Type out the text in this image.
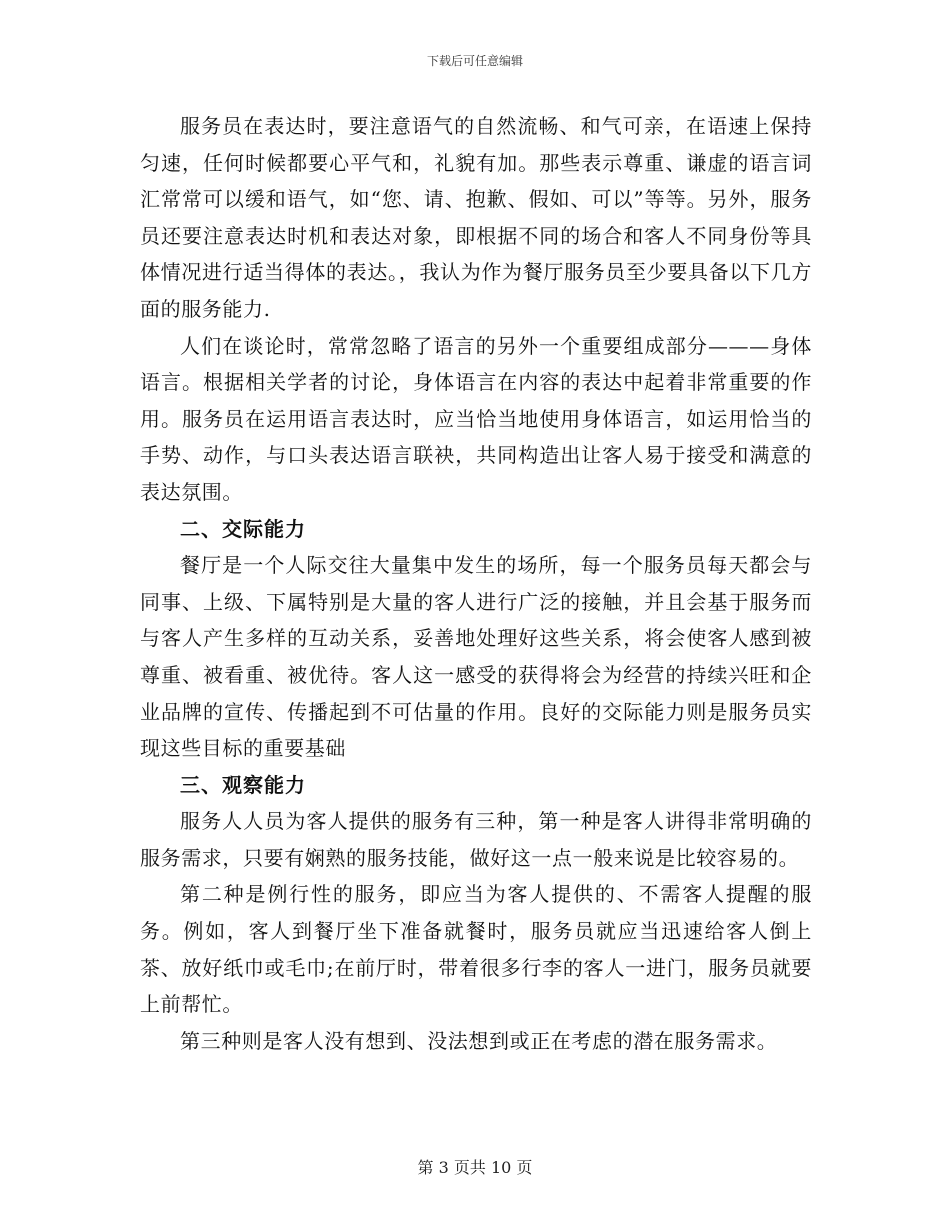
下载后可任意编辑

服务员在表达时，要注意语气的自然流畅、和气可亲，在语速上保持匀速，任何时候都要心平气和，礼貌有加。那些表示尊重、谦虚的语言词汇常常可以缓和语气，如“您、请、抱歉、假如、可以”等等。另外，服务员还要注意表达时机和表达对象，即根据不同的场合和客人不同身份等具体情况进行适当得体的表达。，我认为作为餐厅服务员至少要具备以下几方面的服务能力.

人们在谈论时，常常忽略了语言的另外一个重要组成部分———身体语言。根据相关学者的讨论，身体语言在内容的表达中起着非常重要的作用。服务员在运用语言表达时，应当恰当地使用身体语言，如运用恰当的手势、动作，与口头表达语言联袂，共同构造出让客人易于接受和满意的表达氛围。

二、交际能力

餐厅是一个人际交往大量集中发生的场所，每一个服务员每天都会与同事、上级、下属特别是大量的客人进行广泛的接触，并且会基于服务而与客人产生多样的互动关系，妥善地处理好这些关系，将会使客人感到被尊重、被看重、被优待。客人这一感受的获得将会为经营的持续兴旺和企业品牌的宣传、传播起到不可估量的作用。良好的交际能力则是服务员实现这些目标的重要基础

三、观察能力

服务人人员为客人提供的服务有三种，第一种是客人讲得非常明确的服务需求，只要有娴熟的服务技能，做好这一点一般来说是比较容易的。

第二种是例行性的服务，即应当为客人提供的、不需客人提醒的服务。例如，客人到餐厅坐下准备就餐时，服务员就应当迅速给客人倒上茶、放好纸巾或毛巾;在前厅时，带着很多行李的客人一进门，服务员就要上前帮忙。

第三种则是客人没有想到、没法想到或正在考虑的潜在服务需求。

第 3 页共 10 页
